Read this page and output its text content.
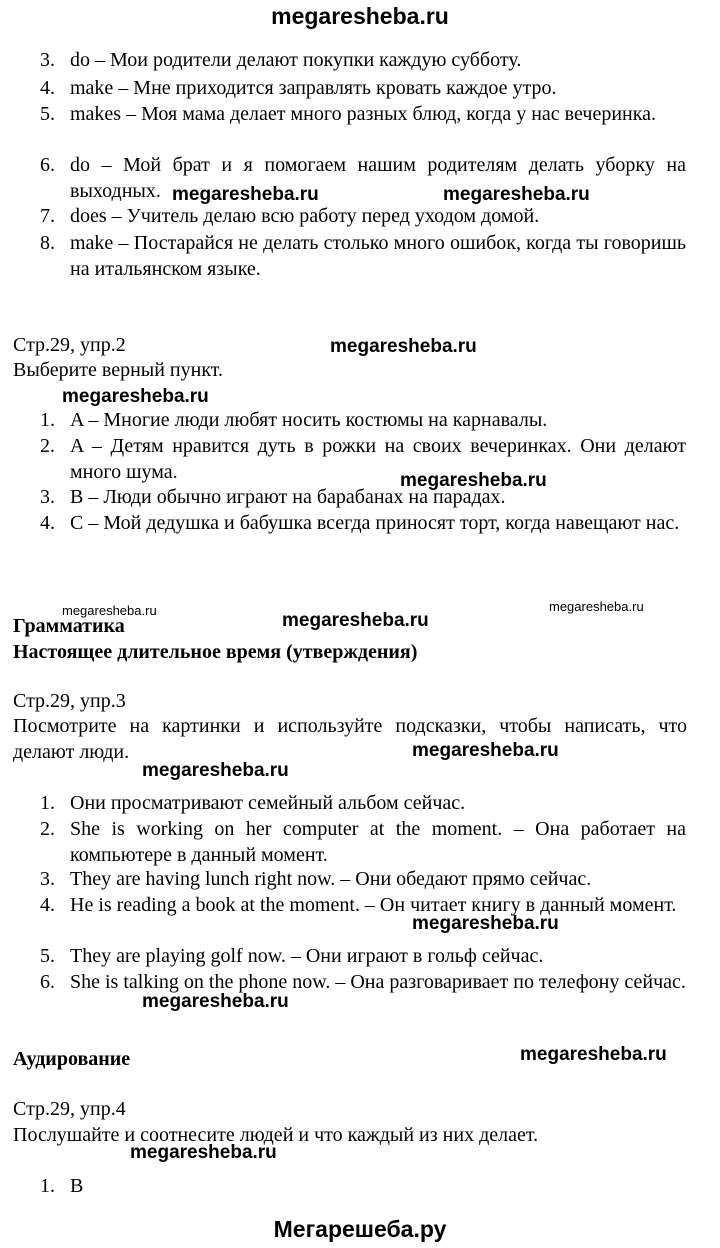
megaresheba.ru
3. do – Мои родители делают покупки каждую субботу.
4. make – Мне приходится заправлять кровать каждое утро.
5. makes – Моя мама делает много разных блюд, когда у нас вечеринка.
6. do – Мой брат и я помогаем нашим родителям делать уборку на выходных.
7. does – Учитель делаю всю работу перед уходом домой.
8. make – Постарайся не делать столько много ошибок, когда ты говоришь на итальянском языке.
Стр.29, упр.2
Выберите верный пункт.
1. A – Многие люди любят носить костюмы на карнавалы.
2. A – Детям нравится дуть в рожки на своих вечеринках. Они делают много шума.
3. B – Люди обычно играют на барабанах на парадах.
4. C – Мой дедушка и бабушка всегда приносят торт, когда навещают нас.
Грамматика
Настоящее длительное время (утверждения)
Стр.29, упр.3
Посмотрите на картинки и используйте подсказки, чтобы написать, что делают люди.
1. Они просматривают семейный альбом сейчас.
2. She is working on her computer at the moment. – Она работает на компьютере в данный момент.
3. They are having lunch right now. – Они обедают прямо сейчас.
4. He is reading a book at the moment. – Он читает книгу в данный момент.
5. They are playing golf now. – Они играют в гольф сейчас.
6. She is talking on the phone now. – Она разговаривает по телефону сейчас.
Аудирование
Стр.29, упр.4
Послушайте и соотнесите людей и что каждый из них делает.
1. B
megaresheba.ru	megaresheba.ru
megaresheba.ru
megaresheba.ru
megaresheba.ru
megaresheba.ru	megaresheba.ru
megaresheba.ru
megaresheba.ru
megaresheba.ru
megaresheba.ru
megaresheba.ru
megaresheba.ru
megaresheba.ru
Мегарешеба.ру
